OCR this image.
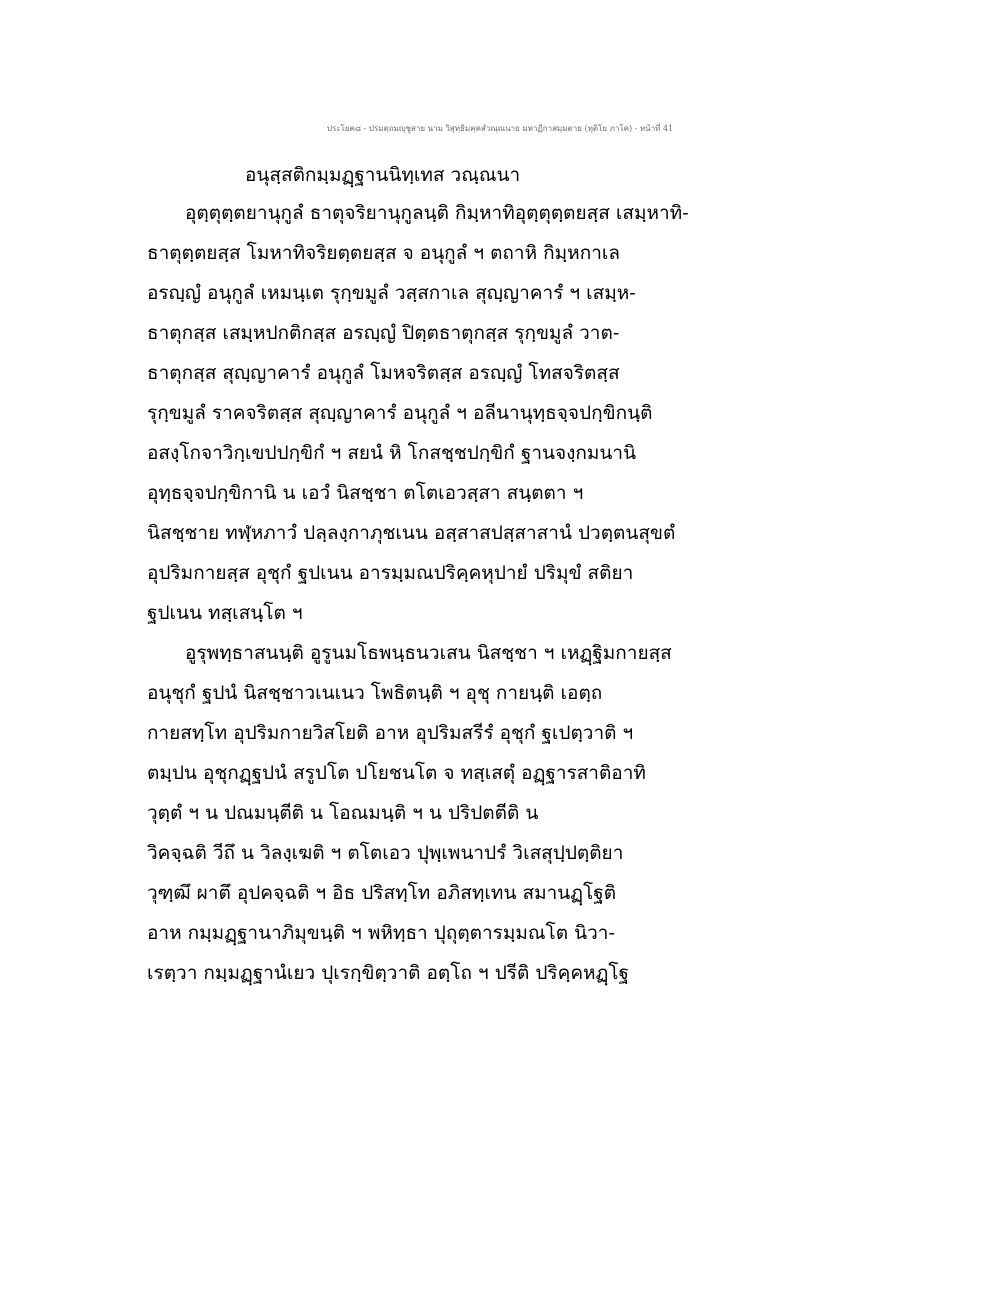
ประโยค๘ - ปรมตฺถมญฺชูสาย นาม วิสุทฺธิมคฺคสํวณฺณนาย มหาฏีกาสมฺมตาย (ทุติโย ภาโค) - หน้าที่ 41
อนุสฺสติกมฺมฏฺฐานนิทฺเทส วณฺณนา
อุตฺตุตฺตยานุกูลํ ธาตุจริยานุกูลนฺติ กิมฺหาทิอุตฺตุตฺตยสฺส เสมฺหาทิ-
ธาตุตฺตยสฺส โมหาทิจริยตฺตยสฺส จ อนุกูลํ ฯ ตถาหิ กิมฺหกาเล
อรญฺญํ อนุกูลํ เหมนฺเต รุกฺขมูลํ วสฺสกาเล สุญฺญาคารํ ฯ เสมฺห-
ธาตุกสฺส เสมฺหปกติกสฺส อรญฺญํ ปิตฺตธาตุกสฺส รุกฺขมูลํ วาต-
ธาตุกสฺส สุญฺญาคารํ อนุกูลํ โมหจริตสฺส อรญฺญํ โทสจริตสฺส
รุกฺขมูลํ ราคจริตสฺส สุญฺญาคารํ อนุกูลํ ฯ อลีนานุทฺธจฺจปกฺขิกนฺติ
อสงฺโกจาวิกฺเขปปกฺขิกํ ฯ สยนํ หิ โกสชฺชปกฺขิกํ ฐานจงฺกมนานิ
อุทฺธจฺจปกฺขิกานิ น เอวํ นิสชฺชา ตโตเอวสฺสา สนฺตตา ฯ
นิสชฺชาย ทฬฺหภาวํ ปลฺลงฺกาภุชเนน อสฺสาสปสฺสาสานํ ปวตฺตนสุขตํ
อุปริมกายสฺส อุชุกํ ฐปเนน อารมฺมณปริคฺคหุปายํ ปริมุขํ สติยา
ฐปเนน ทสฺเสนฺโต ฯ
อูรุพทฺธาสนนฺติ อูรูนมโธพนฺธนวเสน นิสชฺชา ฯ เหฏฺฐิมกายสฺส
อนุชุกํ ฐปนํ นิสชฺชาวเนเนว โพธิตนฺติ ฯ อุชุ กายนฺติ เอตฺถ
กายสทฺโท อุปริมกายวิสโยติ อาห อุปริมสรีรํ อุชุกํ ฐเปตฺวาติ ฯ
ตมฺปน อุชุกฏฺฐปนํ สรูปโต ปโยชนโต จ ทสฺเสตุํ อฏฺฐารสาติอาทิ
วุตฺตํ ฯ น ปณมนฺตีติ น โอณมนฺติ ฯ น ปริปตตีติ น
วิคจฺฉติ วีถึ น วิลงฺเฆติ ฯ ตโตเอว ปุพฺเพนาปรํ วิเสสุปฺปตฺติยา
วุฑฺฒึ ผาตึ อุปคจฺฉติ ฯ อิธ ปริสทฺโท อภิสทฺเทน สมานฏฺโฐติ
อาห กมฺมฏฺฐานาภิมุขนฺติ ฯ พหิทฺธา ปุถุตฺตารมฺมณโต นิวา-
เรตฺวา กมฺมฏฺฐานํเยว ปุเรกฺขิตฺวาติ อตฺโถ ฯ ปรีติ ปริคฺคหฏฺโฐ
